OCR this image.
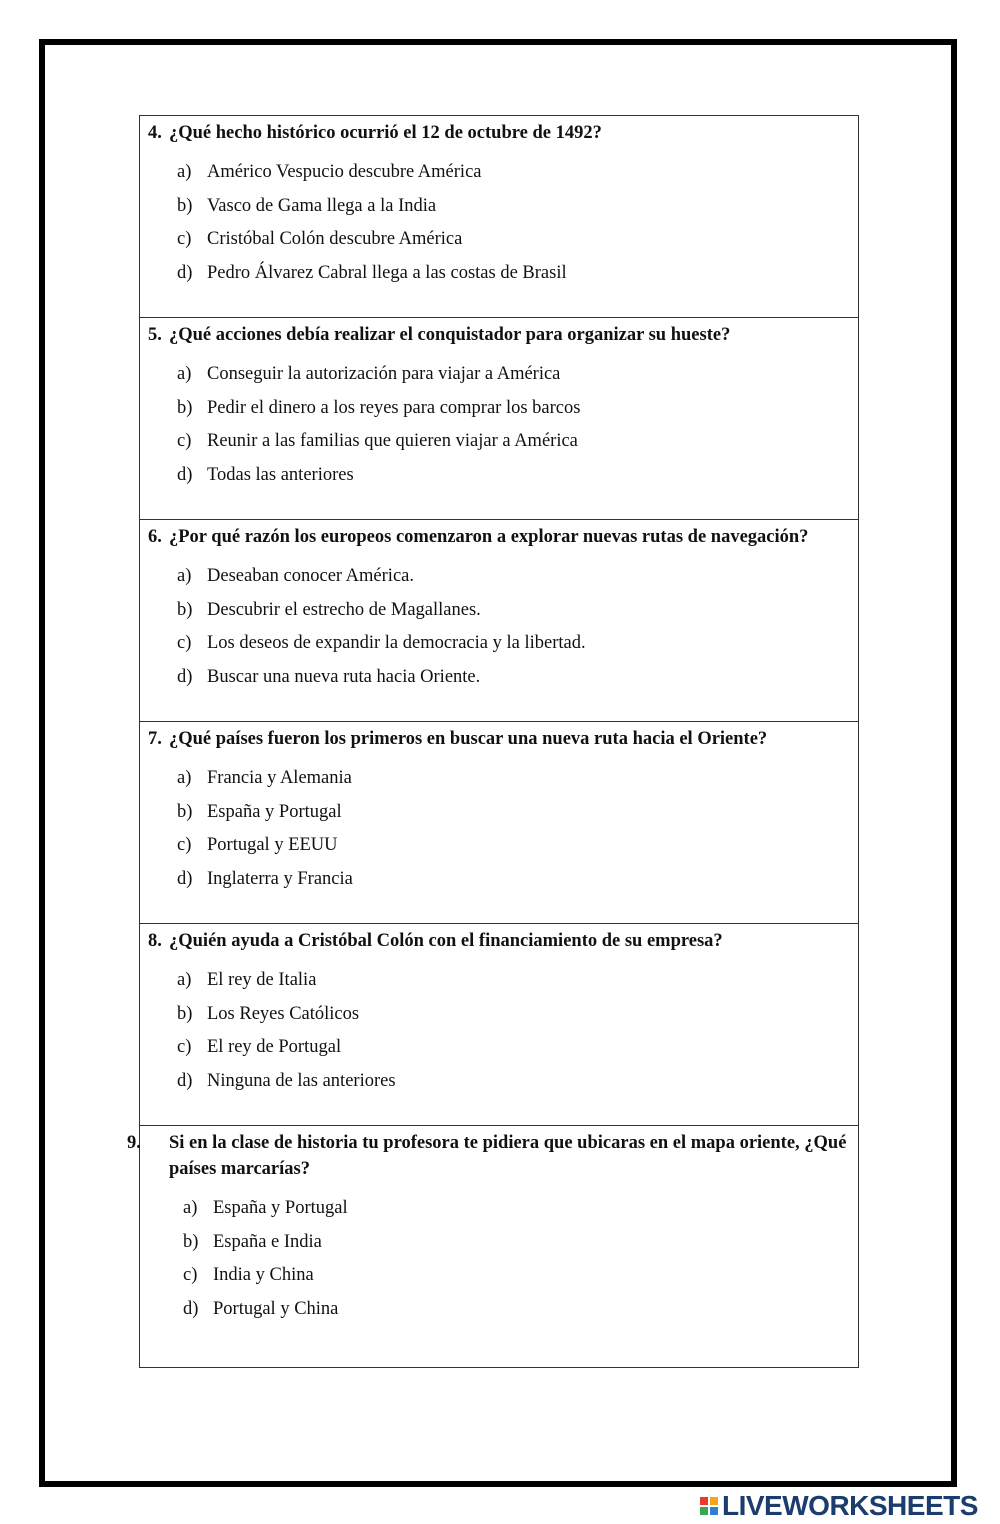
4. ¿Qué hecho histórico ocurrió el 12 de octubre de 1492?

a) Américo Vespucio descubre América
b) Vasco de Gama llega a la India
c) Cristóbal Colón descubre América
d) Pedro Álvarez Cabral llega a las costas de Brasil

5. ¿Qué acciones debía realizar el conquistador para organizar su hueste?

a) Conseguir la autorización para viajar a América
b) Pedir el dinero a los reyes para comprar los barcos
c) Reunir a las familias que quieren viajar a América
d) Todas las anteriores

6. ¿Por qué razón los europeos comenzaron a explorar nuevas rutas de navegación?

a) Deseaban conocer América.
b) Descubrir el estrecho de Magallanes.
c) Los deseos de expandir la democracia y la libertad.
d) Buscar una nueva ruta hacia Oriente.

7. ¿Qué países fueron los primeros en buscar una nueva ruta hacia el Oriente?

a) Francia y Alemania
b) España y Portugal
c) Portugal y EEUU
d) Inglaterra y Francia

8. ¿Quién ayuda a Cristóbal Colón con el financiamiento de su empresa?

a) El rey de Italia
b) Los Reyes Católicos
c) El rey de Portugal
d) Ninguna de las anteriores

9. Si en la clase de historia tu profesora te pidiera que ubicaras en el mapa oriente, ¿Qué países marcarías?

a) España y Portugal
b) España e India
c) India y China
d) Portugal y China
LIVEWORKSHEETS
